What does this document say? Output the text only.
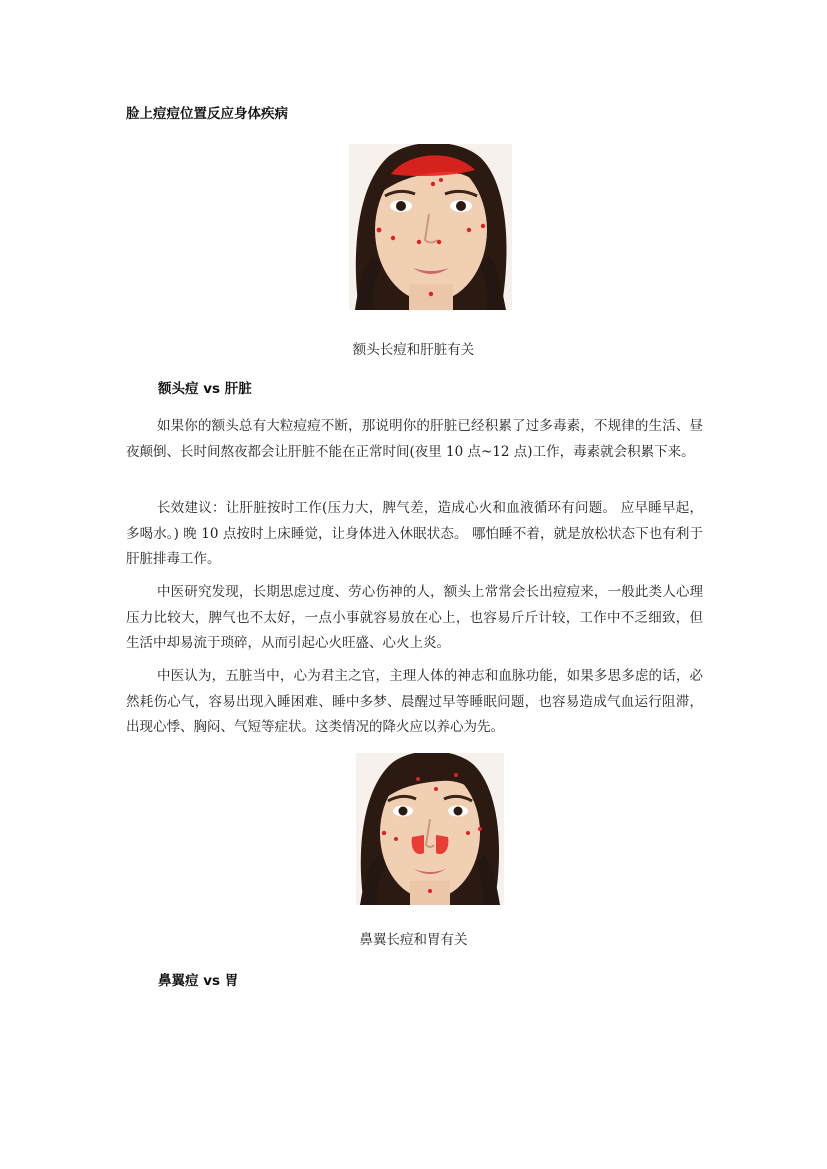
脸上痘痘位置反应身体疾病
额头长痘和肝脏有关
额头痘 vs 肝脏

如果你的额头总有大粒痘痘不断，那说明你的肝脏已经积累了过多毒素，不规律的生活、昼夜颠倒、长时间熬夜都会让肝脏不能在正常时间(夜里 10 点~12 点)工作，毒素就会积累下来。

长效建议：让肝脏按时工作(压力大，脾气差，造成心火和血液循环有问题。 应早睡早起，多喝水。) 晚 10 点按时上床睡觉，让身体进入休眠状态。 哪怕睡不着，就是放松状态下也有利于肝脏排毒工作。

中医研究发现，长期思虑过度、劳心伤神的人，额头上常常会长出痘痘来，一般此类人心理压力比较大，脾气也不太好，一点小事就容易放在心上，也容易斤斤计较，工作中不乏细致，但生活中却易流于琐碎，从而引起心火旺盛、心火上炎。

中医认为，五脏当中，心为君主之官，主理人体的神志和血脉功能，如果多思多虑的话，必然耗伤心气，容易出现入睡困难、睡中多梦、晨醒过早等睡眠问题，也容易造成气血运行阻滞，出现心悸、胸闷、气短等症状。这类情况的降火应以养心为先。

鼻翼长痘和胃有关
鼻翼痘 vs 胃
